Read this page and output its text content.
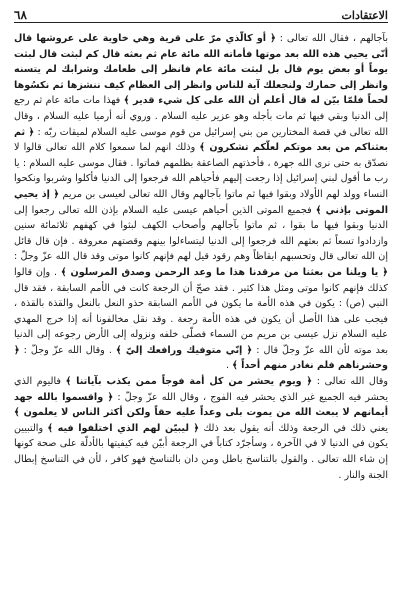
٦٨	الاعتقادات

بآجالهم ، فقال الله تعالى : ﴿ أو كالّذي مرّ على قرية وهي خاوية على عروشها قال أنّى يحيي هذه الله بعد موتها فأماته الله مائة عام ثم بعثه قال كم لبثت قال لبثت يوماً أو بعض يوم قال بل لبثت مائة عام فانظر إلى طعامك وشرابك لم يتسنه وانظر إلى حمارك ولنجعلك آية للناس وانظر إلى العظام كيف ننشزها ثم نكسُوها لحماً فلمّا بيّن له قال أعلم أن الله على كل شيء قدير ﴾ فهذا مات مائة عام ثم رجع إلى الدنيا وبقي فيها ثم مات بأجله وهو عزير عليه السلام . وروي أنه أرميا عليه السلام ، وقال الله تعالى في قصة المختارين من بني إسرائيل من قوم موسى عليه السلام لميقات ربّه : ﴿ ثم بعثناكم من بعد موتكم لعلّكم تشكرون ﴾ وذلك انهم لما سمعوا كلام الله تعالى قالوا لا نصدّق به حتى نرى الله جهرة ، فأخذتهم الصاعقة بظلمهم فماتوا . فقال موسى عليه السلام : يا رب ما أقول لبني إسرائيل إذا رجعت إليهم فأحياهم الله فرجعوا إلى الدنيا فأكلوا وشربوا ونكحوا النساء وولد لهم الأولاد وبقوا فيها ثم ماتوا بآجالهم وقال الله تعالى لعيسى بن مريم ﴿ إذ يحيي الموتى بإذني ﴾ فجميع الموتى الذين أحياهم عيسى عليه السلام بإذن الله تعالى رجعوا إلى الدنيا وبقوا فيها ما بقوا ، ثم ماتوا بآجالهم وأصحاب الكهف لبثوا في كهفهم ثلاثمائة سنين وازدادوا تسعاً ثم بعثهم الله فرجعوا إلى الدنيا ليتساءلوا بينهم وقصتهم معروفة . فإن قال قائل إن الله تعالى قال وتحسبهم ايقاظاً وهم رقود قيل لهم فإنهم كانوا موتى وقد قال الله عزّ وجلّ : ﴿ يا ويلنا من بعثنا من مرقدنا هذا ما وعد الرحمن وصدق المرسلون ﴾ . وإن قالوا كذلك فإنهم كانوا موتى ومثل هذا كثير . فقد صحّ أن الرجعة كانت في الأمم السابقة ، فقد قال النبي (ص) : يكون في هذه الأمة ما يكون في الأمم السابقة حذو النعل بالنعل والقذة بالقذة ، فيجب على هذا الأصل أن يكون في هذه الأمة رجعة . وقد نقل مخالفونا أنه إذا خرج المهدي عليه السلام نزل عيسى بن مريم من السماء فصلّى خلفه ونزوله إلى الأرض رجوعه إلى الدنيا بعد موته لأن الله عزّ وجلّ قال : ﴿ إنّي متوفيك ورافعك إليّ ﴾ . وقال الله عزّ وجلّ : ﴿ وحشرناهم فلم نغادر منهم أحداً ﴾ .

وقال الله تعالى : ﴿ ويوم يحشر من كل أمة فوجاً ممن يكذب بآياتنا ﴾ فاليوم الذي يحشر فيه الجميع غير الذي يحشر فيه الفوج ، وقال الله عزّ وجلّ : ﴿ واقسموا بالله جهد أيمانهم لا يبعث الله من يموت بلى وعداً عليه حقاً ولكن أكثر الناس لا يعلمون ﴾ يعني ذلك في الرجعة وذلك أنه يقول بعد ذلك ﴿ ليبيّن لهم الذي اختلفوا فيه ﴾ والتبيين يكون في الدنيا لا في الآخرة ، وسأجرّد كتاباً في الرجعة أبيّن فيه كيفيتها بالأدلّة على صحة كونها إن شاء الله تعالى . والقول بالتناسخ باطل ومن دان بالتناسخ فهو كافر ، لأن في التناسخ إبطال الجنة والنار .
